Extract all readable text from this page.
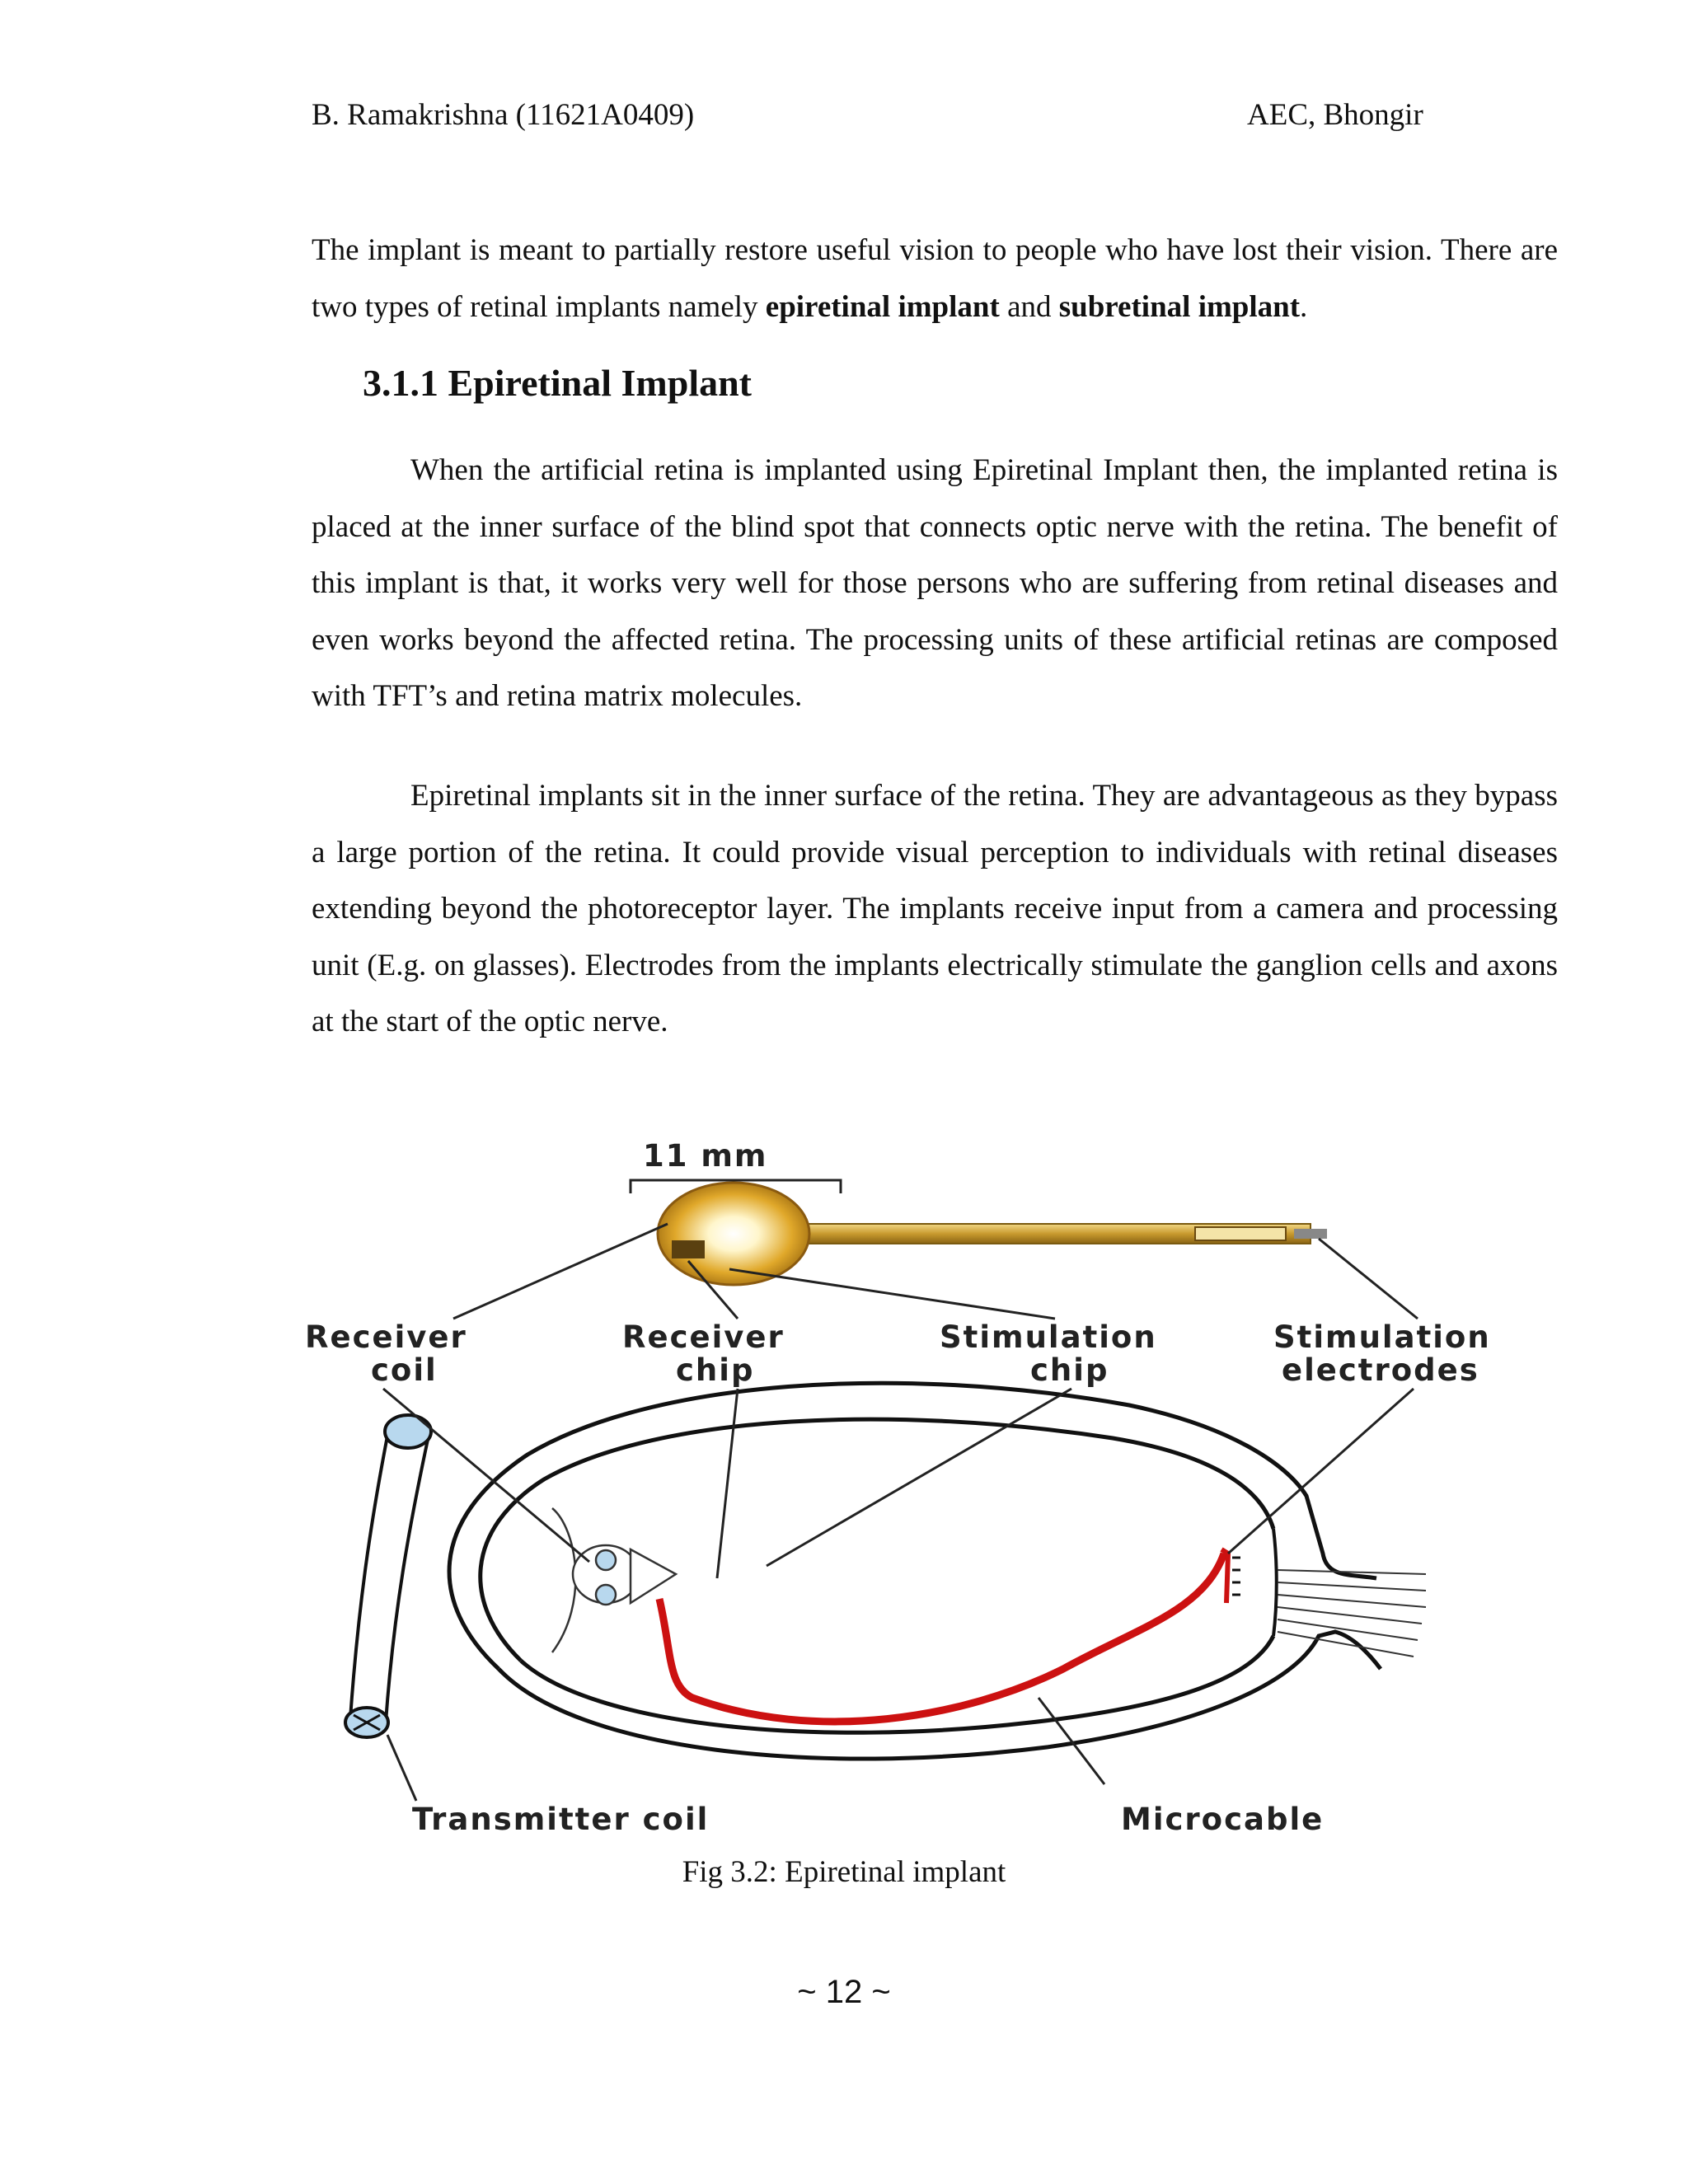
B. Ramakrishna (11621A0409)	AEC, Bhongir

The implant is meant to partially restore useful vision to people who have lost their vision. There are two types of retinal implants namely epiretinal implant and subretinal implant.

3.1.1 Epiretinal Implant

When the artificial retina is implanted using Epiretinal Implant then, the implanted retina is placed at the inner surface of the blind spot that connects optic nerve with the retina. The benefit of this implant is that, it works very well for those persons who are suffering from retinal diseases and even works beyond the affected retina. The processing units of these artificial retinas are composed with TFT’s and retina matrix molecules.

Epiretinal implants sit in the inner surface of the retina. They are advantageous as they bypass a large portion of the retina. It could provide visual perception to individuals with retinal diseases extending beyond the photoreceptor layer. The implants receive input from a camera and processing unit (E.g. on glasses). Electrodes from the implants electrically stimulate the ganglion cells and axons at the start of the optic nerve.

11 mm
Receiver
coil
Receiver
chip
Stimulation
chip
Stimulation
electrodes
Transmitter coil	Microcable
Fig 3.2: Epiretinal implant
~ 12 ~
